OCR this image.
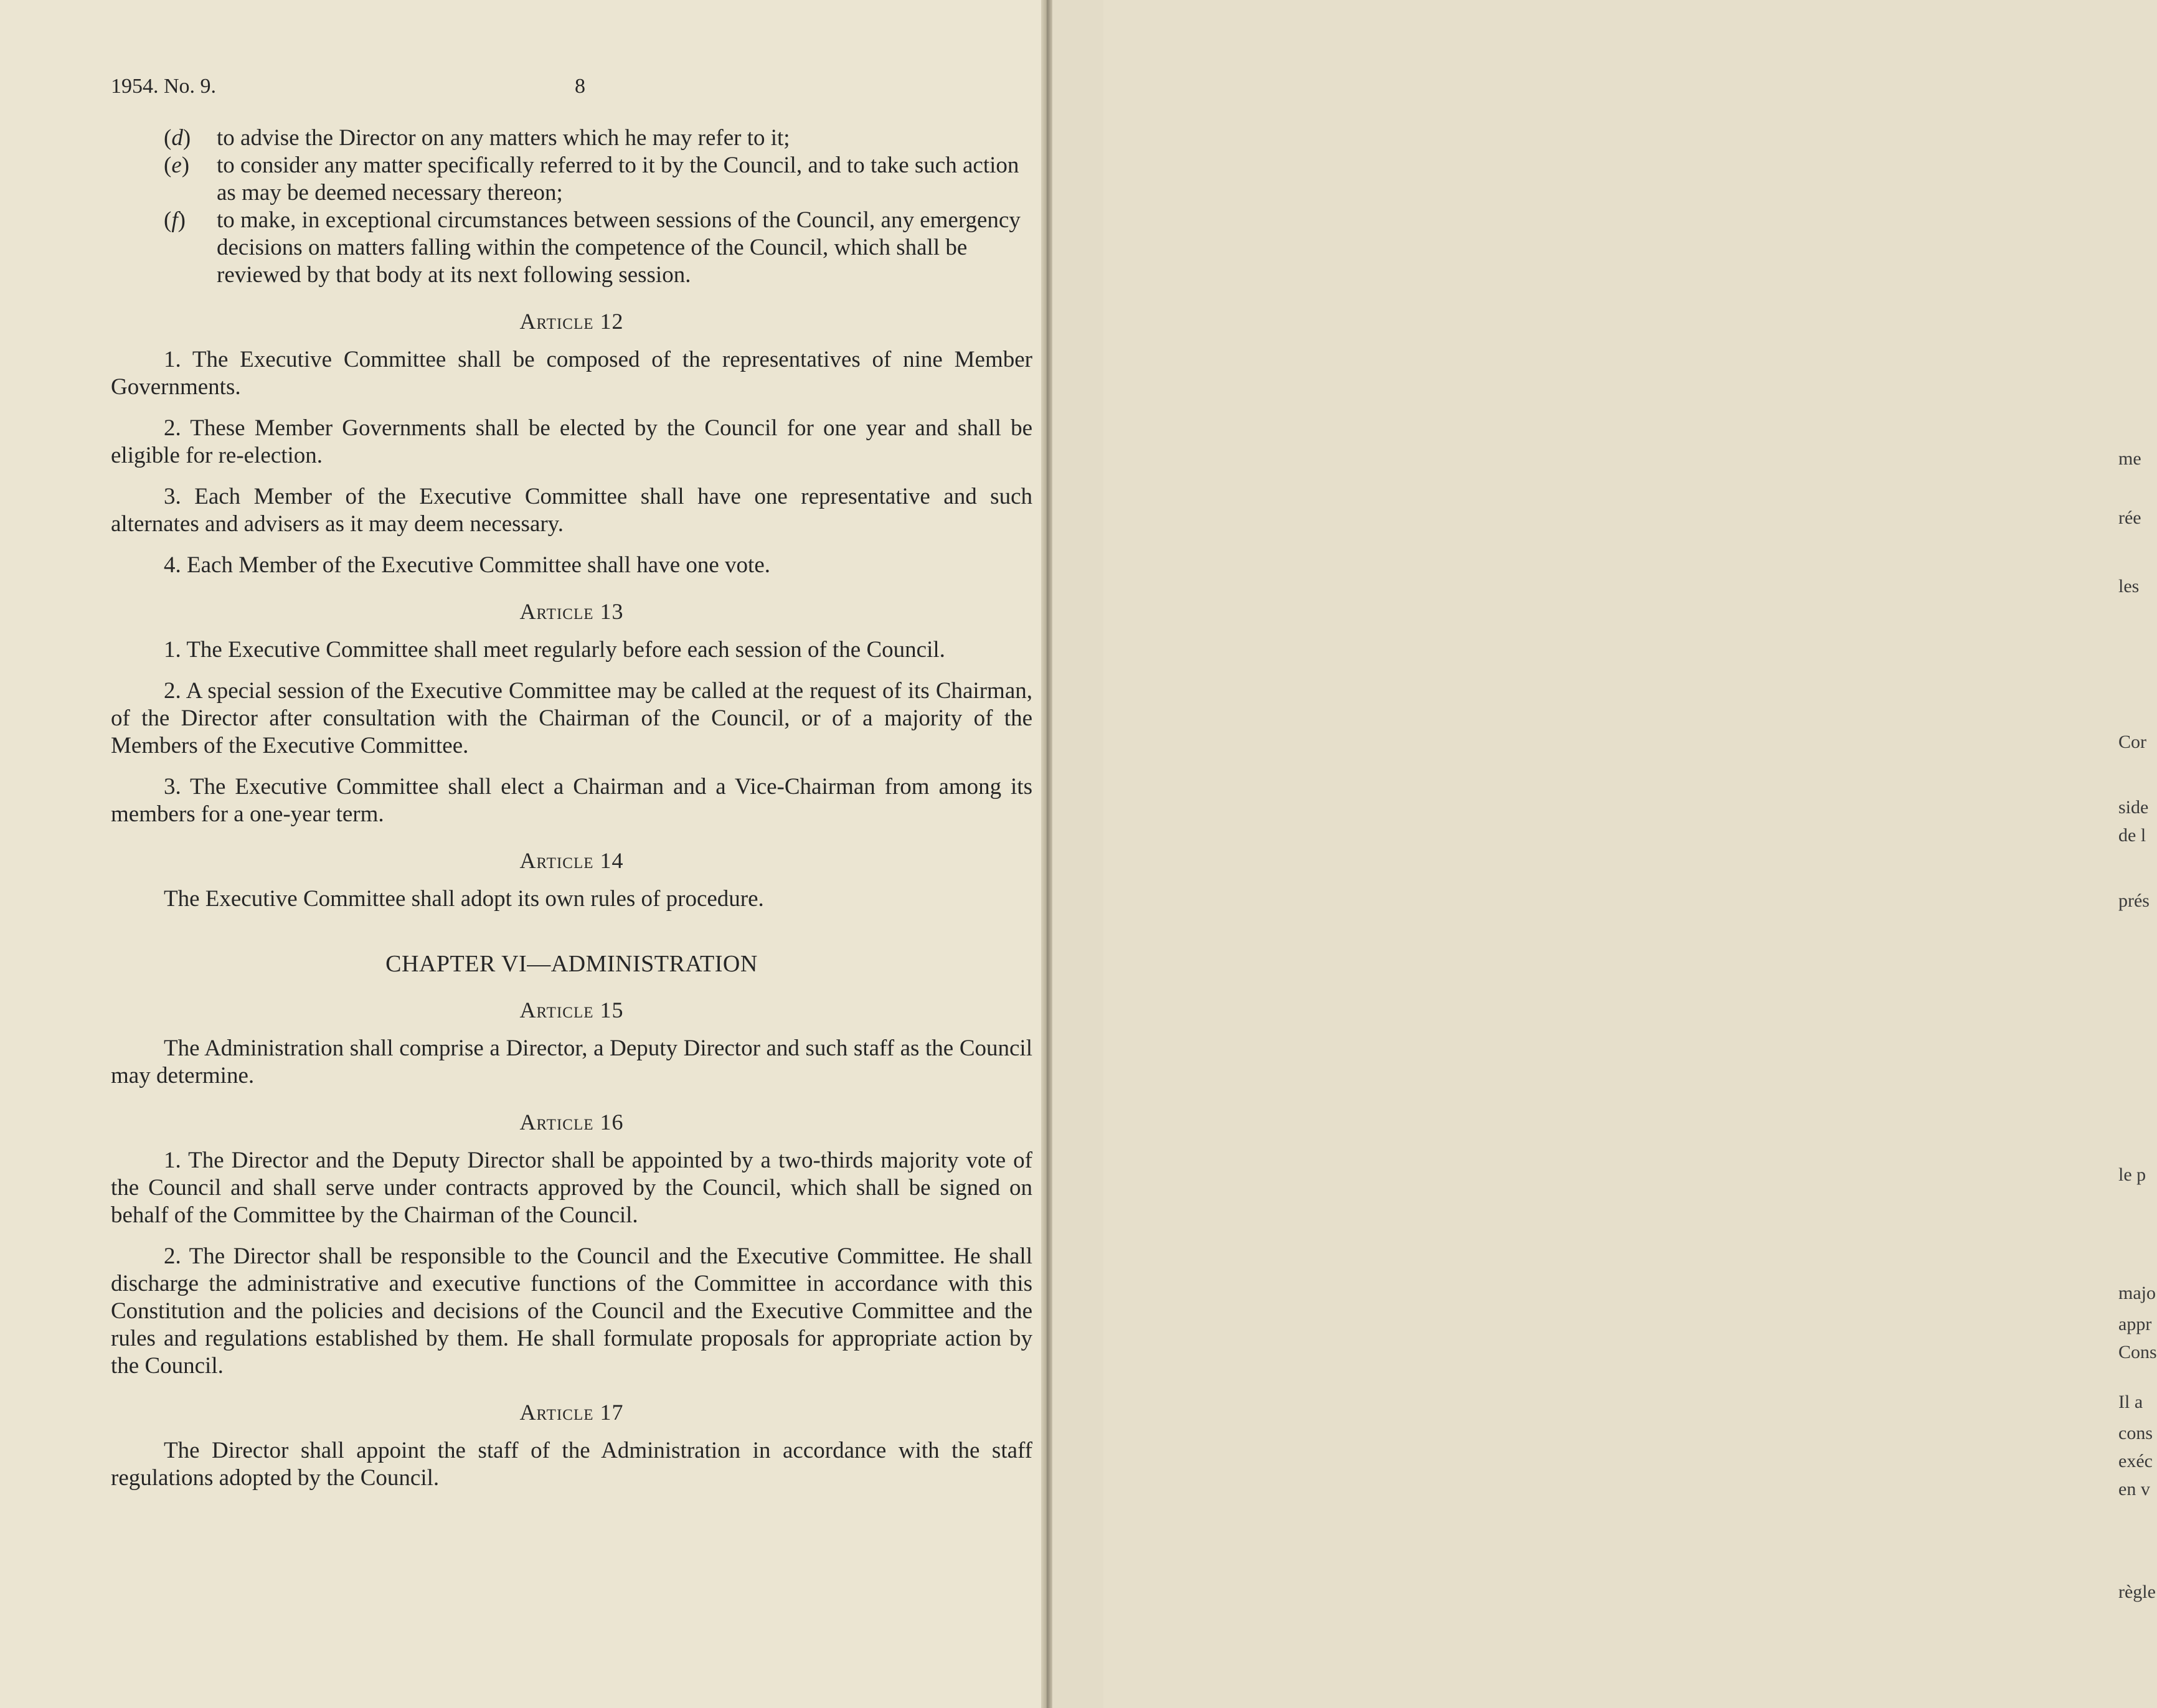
1954. No. 9.	8

(d)	to advise the Director on any matters which he may refer to it;

(e)	to consider any matter specifically referred to it by the Council, and to take such action as may be deemed necessary thereon;

(f)	to make, in exceptional circumstances between sessions of the Council, any emergency decisions on matters falling within the competence of the Council, which shall be reviewed by that body at its next following session.

Article 12

1. The Executive Committee shall be composed of the representatives of nine Member Governments.

2. These Member Governments shall be elected by the Council for one year and shall be eligible for re-election.

3. Each Member of the Executive Committee shall have one representative and such alternates and advisers as it may deem necessary.

4. Each Member of the Executive Committee shall have one vote.

Article 13

1. The Executive Committee shall meet regularly before each session of the Council.

2. A special session of the Executive Committee may be called at the request of its Chairman, of the Director after consultation with the Chairman of the Council, or of a majority of the Members of the Executive Committee.

3. The Executive Committee shall elect a Chairman and a Vice-Chairman from among its members for a one-year term.

Article 14

The Executive Committee shall adopt its own rules of procedure.

CHAPTER VI—ADMINISTRATION
Article 15

The Administration shall comprise a Director, a Deputy Director and such staff as the Council may determine.

Article 16

1. The Director and the Deputy Director shall be appointed by a two-thirds majority vote of the Council and shall serve under contracts approved by the Council, which shall be signed on behalf of the Committee by the Chairman of the Council.

2. The Director shall be responsible to the Council and the Executive Committee. He shall discharge the administrative and executive functions of the Committee in accordance with this Constitution and the policies and decisions of the Council and the Executive Committee and the rules and regulations established by them. He shall formulate proposals for appropriate action by the Council.

Article 17

The Director shall appoint the staff of the Administration in accordance with the staff regulations adopted by the Council.

me
rée
les
Cor
side
de l
prés
le p
majo
appr
Cons
Il a
cons
exéc
en v
règle
